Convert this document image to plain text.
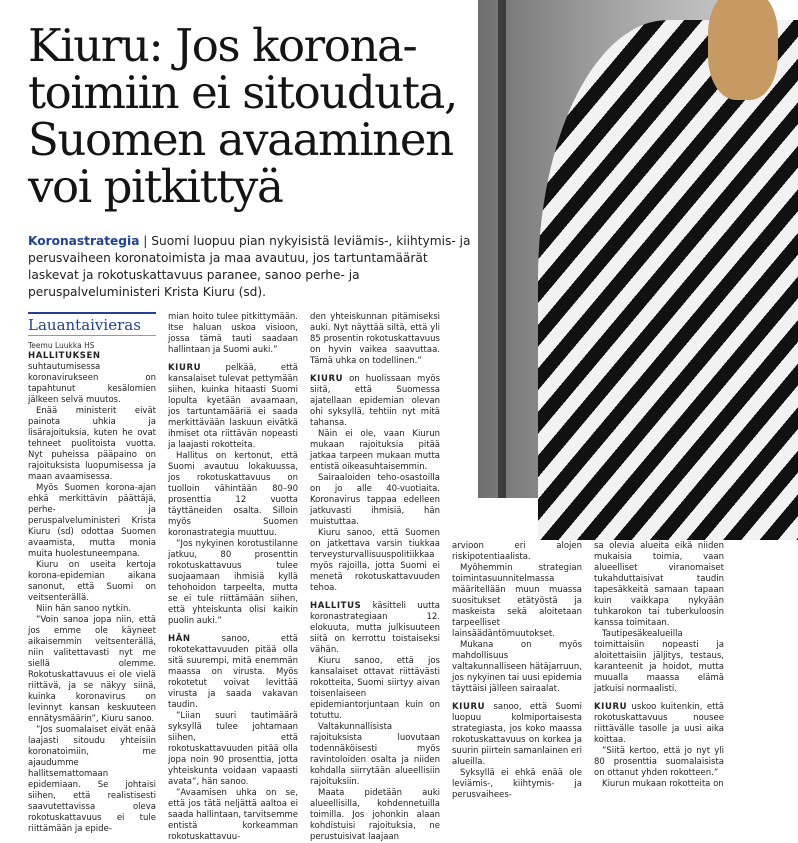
Kiuru: Jos korona-toimiin ei sitouduta, Suomen avaaminen voi pitkittyä

Koronastrategia | Suomi luopuu pian nykyisistä leviämis-, kiihtymis- ja perusvaiheen koronatoimista ja maa avautuu, jos tartuntamäärät laskevat ja rokotuskattavuus paranee, sanoo perhe- ja peruspalveluministeri Krista Kiuru (sd).

Lauantaivieras

Teemu Luukka HS

HALLITUKSEN suhtautumisessa koronavirukseen on tapahtunut kesälomien jälkeen selvä muutos.

Enää ministerit eivät painota uhkia ja lisärajoituksia, kuten he ovat tehneet puolitoista vuotta. Nyt puheissa pääpaino on rajoituksista luopumisessa ja maan avaamisessa.

Myös Suomen korona-ajan ehkä merkittävin päättäjä, perhe- ja peruspalveluministeri Krista Kiuru (sd) odottaa Suomen avaamista, mutta monia muita huolestuneempana.

Kiuru on useita kertoja korona-epidemian aikana sanonut, että Suomi on veitsenterällä.

Niin hän sanoo nytkin.

”Voin sanoa jopa niin, että jos emme ole käyneet aikaisemmin veitsenterällä, niin valitettavasti nyt me siellä olemme. Rokotuskattavuus ei ole vielä riittävä, ja se näkyy siinä, kuinka koronavirus on levinnyt kansan keskuuteen ennätysmäärin”, Kiuru sanoo.

”Jos suomalaiset eivät enää laajasti sitoudu yhteisiin koronatoimiin, me ajaudumme hallitsemattomaan epidemiaan. Se johtaisi siihen, että realistisesti saavutettavissa oleva rokotuskattavuus ei tule riittämään ja epide-

mian hoito tulee pitkittymään. Itse haluan uskoa visioon, jossa tämä tauti saadaan hallintaan ja Suomi auki.”

KIURU pelkää, että kansalaiset tulevat pettymään siihen, kuinka hitaasti Suomi lopulta kyetään avaamaan, jos tartuntamääriä ei saada merkittävään laskuun eivätkä ihmiset ota riittävän nopeasti ja laajasti rokotteita.

Hallitus on kertonut, että Suomi avautuu lokakuussa, jos rokotuskattavuus on tuolloin vähintään 80–90 prosenttia 12 vuotta täyttäneiden osalta. Silloin myös Suomen koronastrategia muuttuu.

”Jos nykyinen korotustilanne jatkuu, 80 prosenttin rokotuskattavuus tulee suojaamaan ihmisiä kyllä tehohoidon tarpeelta, mutta se ei tule riittämään siihen, että yhteiskunta olisi kaikin puolin auki.”

HÄN sanoo, että rokotekattavuuden pitää olla sitä suurempi, mitä enemmän maassa on virusta. Myös rokotetut voivat levittää virusta ja saada vakavan taudin.

”Liian suuri tautimäärä syksyllä tulee johtamaan siihen, että rokotuskattavuuden pitää olla jopa noin 90 prosenttia, jotta yhteiskunta voidaan vapaasti avata”, hän sanoo.

”Avaamisen uhka on se, että jos tätä neljättä aaltoa ei saada hallintaan, tarvitsemme entistä korkeamman rokotuskattavuu-

den yhteiskunnan pitämiseksi auki. Nyt näyttää siltä, että yli 85 prosentin rokotuskattavuus on hyvin vaikea saavuttaa. Tämä uhka on todellinen.”

KIURU on huolissaan myös siitä, että Suomessa ajatellaan epidemian olevan ohi syksyllä, tehtiin nyt mitä tahansa.

Näin ei ole, vaan Kiurun mukaan rajoituksia pitää jatkaa tarpeen mukaan mutta entistä oikeasuhtaisemmin.

Sairaaloiden teho-osastoilla on jo alle 40-vuotiaita. Koronavirus tappaa edelleen jatkuvasti ihmisiä, hän muistuttaa.

Kiuru sanoo, että Suomen on jatkettava varsin tiukkaa terveysturvallisuuspolitiikkaa myös rajoilla, jotta Suomi ei menetä rokotuskattavuuden tehoa.

HALLITUS käsitteli uutta koronastrategiaan 12. elokuuta, mutta julkisuuteen siitä on kerrottu toistaiseksi vähän.

Kiuru sanoo, että jos kansalaiset ottavat riittävästi rokotteita, Suomi siirtyy aivan toisenlaiseen epidemiantorjuntaan kuin on totuttu.

Valtakunnallisista rajoituksista luovutaan todennäköisesti myös ravintoloiden osalta ja niiden kohdalla siirrytään alueellisiin rajoituksiin.

Maata pidetään auki alueellisilla, kohdennetuilla toimilla. Jos johonkin alaan kohdistuisi rajoituksia, ne perustuisivat laajaan

arvioon eri alojen riskipotentiaalista.

Myöhemmin strategian toimintasuunnitelmassa määritellään muun muassa suositukset etätyöstä ja maskeista sekä aloitetaan tarpeelliset lainsäädäntömuutokset.

Mukana on myös mahdollisuus valtakunnalliseen hätäjarruun, jos nykyinen tai uusi epidemia täyttäisi jälleen sairaalat.

KIURU sanoo, että Suomi luopuu kolmiportaisesta strategiasta, jos koko maassa rokotuskattavuus on korkea ja suurin piirtein samanlainen eri alueilla.

Syksyllä ei ehkä enää ole leviämis-, kiihtymis- ja perusvaihees-

sa olevia alueita eikä niiden mukaisia toimia, vaan alueelliset viranomaiset tukahduttaisivat taudin tapesäkkeitä samaan tapaan kuin vaikkapa nykyään tuhkarokon tai tuberkuloosin kanssa toimitaan.

Tautipesäkealueilla toimittaisiin nopeasti ja aloitettaisiin jäljitys, testaus, karanteenit ja hoidot, mutta muualla maassa elämä jatkuisi normaalisti.

KIURU uskoo kuitenkin, että rokotuskattavuus nousee riittävälle tasolle ja uusi aika koittaa.

”Siitä kertoo, että jo nyt yli 80 prosenttia suomalaisista on ottanut yhden rokotteen.”

Kiurun mukaan rokotteita on
